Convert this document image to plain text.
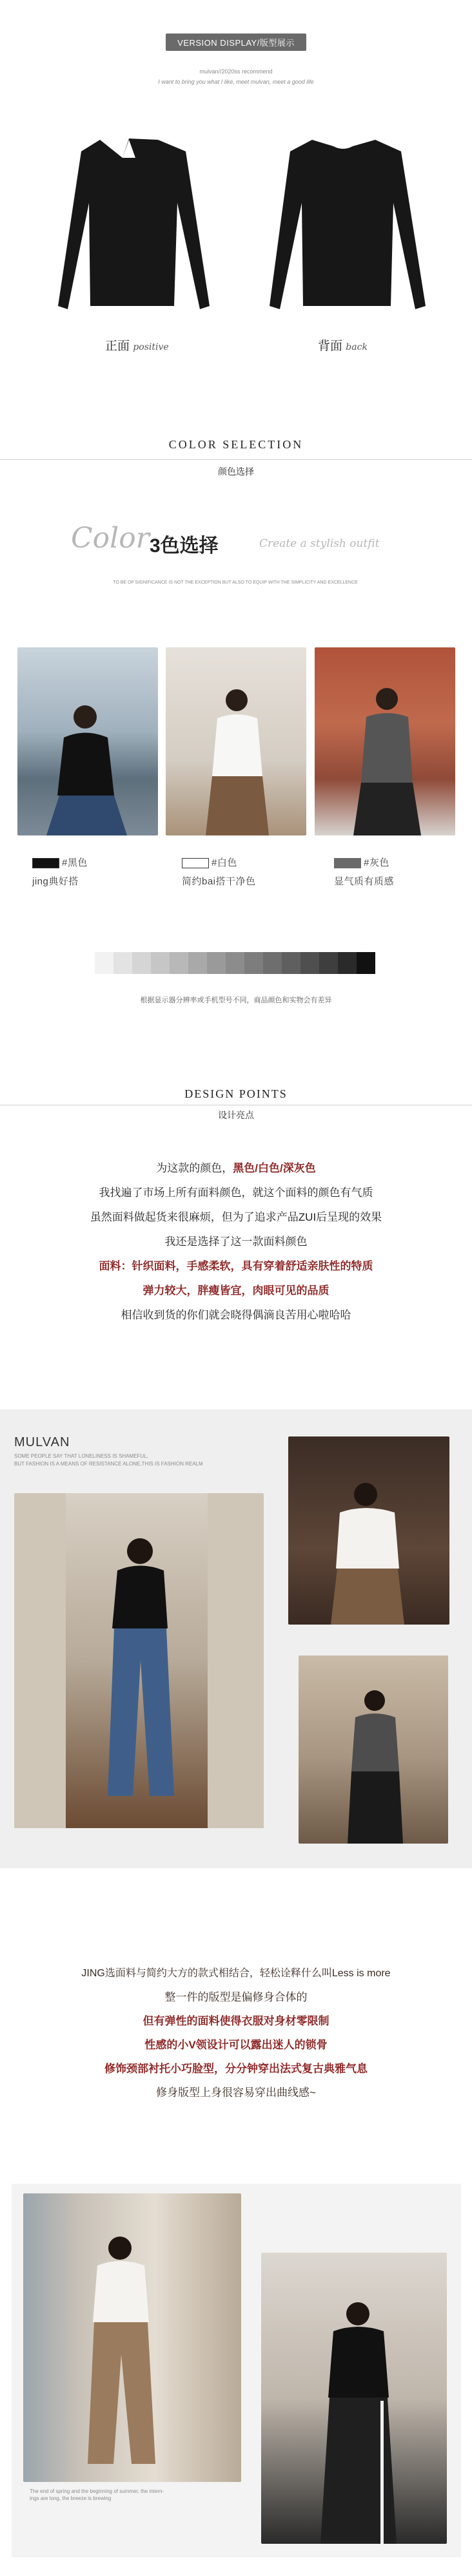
VERSION DISPLAY/版型展示
mulvan//2020ss recommend
I want to bring you what I like, meet mulvan, meet a good life
正面 positive	背面 back
COLOR SELECTION
颜色选择
Color 3色选择	Create a stylish outfit
TO BE OF SIGNIFICANCE IS NOT THE EXCEPTION BUT ALSO TO EQUIP WITH THE SIMPLICITY AND EXCELLENCE
#黑色
jing典好搭
#白色
简约bai搭干净色
#灰色
显气质有质感
根据显示器分辨率或手机型号不同，商品颜色和实物会有差异
DESIGN POINTS
设计亮点
为这款的颜色，黑色/白色/深灰色
我找遍了市场上所有面料颜色，就这个面料的颜色有气质
虽然面料做起货来很麻烦，但为了追求产品ZUI后呈现的效果
我还是选择了这一款面料颜色
面料：针织面料，手感柔软，具有穿着舒适亲肤性的特质
弹力较大，胖瘦皆宜，肉眼可见的品质
相信收到货的你们就会晓得偶滴良苦用心啦哈哈
MULVAN
SOME PEOPLE SAY THAT LONELINESS IS SHAMEFUL,
BUT FASHION IS A MEANS OF RESISTANCE ALONE,THIS IS FASHION REALM
JING选面料与简约大方的款式相结合，轻松诠释什么叫Less is more
整一件的版型是偏修身合体的
但有弹性的面料使得衣服对身材零限制
性感的小V领设计可以露出迷人的锁骨
修饰颈部衬托小巧脸型，分分钟穿出法式复古典雅气息
修身版型上身很容易穿出曲线感~
The end of spring and the beginning of summer, the intern-
ings are long, the breeze is brewing
